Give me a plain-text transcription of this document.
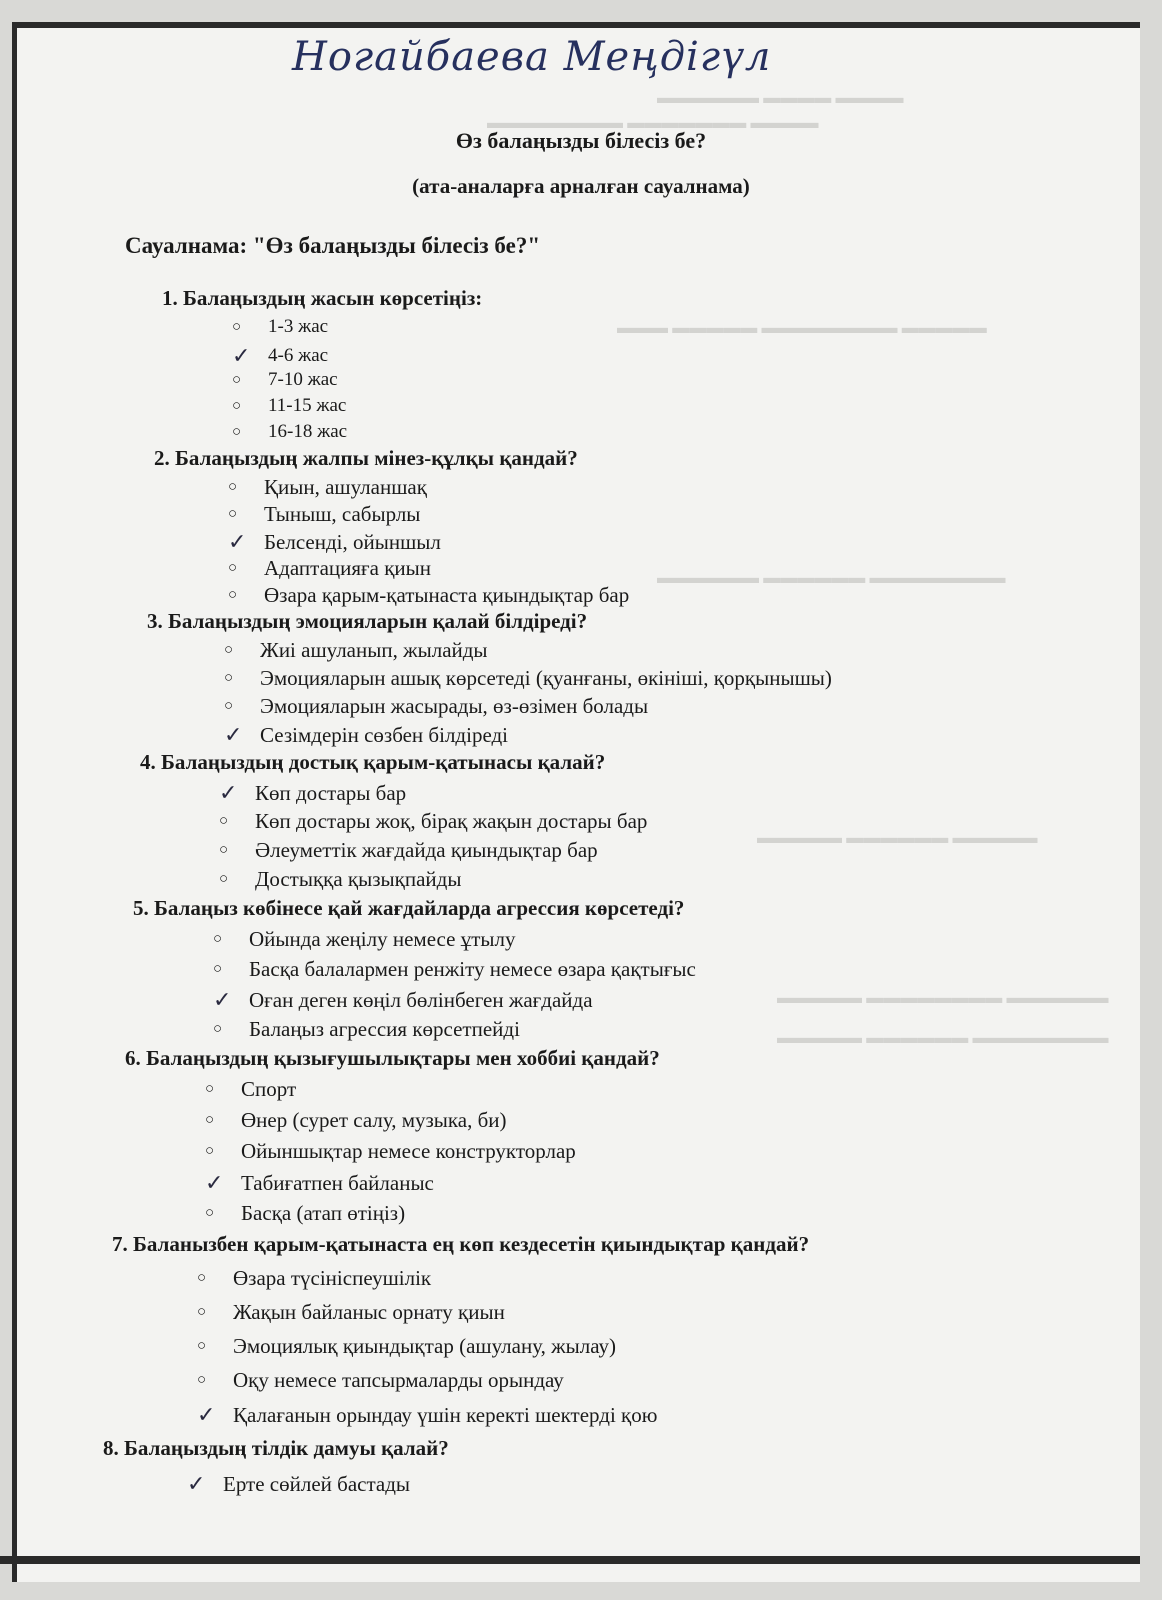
▬▬▬▬ ▬▬▬▬ ▬▬▬▬▬▬
▬▬▬▬ ▬▬▬▬▬▬▬ ▬▬▬▬▬▬▬▬
▬▬▬▬▬ ▬▬▬▬▬▬▬▬ ▬▬▬▬▬ ▬▬▬
▬▬▬▬▬▬▬▬ ▬▬▬▬▬▬ ▬▬▬▬▬▬
▬▬▬▬▬ ▬▬▬▬▬▬ ▬▬▬▬▬
▬▬▬▬▬▬ ▬▬▬▬▬▬▬▬ ▬▬▬▬▬
▬▬▬▬▬▬▬▬ ▬▬▬▬▬▬ ▬▬▬▬▬
Ногайбаева Меңдігүл
Өз балаңызды білесіз бе?
(ата-аналарға арналған сауалнама)
Сауалнама: "Өз балаңызды білесіз бе?"
1. Балаңыздың жасын көрсетіңіз:
○	1-3 жас
✓ 4-6 жас
○	7-10 жас
○	11-15 жас
○	16-18 жас
2. Балаңыздың жалпы мінез-құлқы қандай?
○	Қиын, ашуланшақ
○	Тыныш, сабырлы
✓ Белсенді, ойыншыл
○	Адаптацияға қиын
○	Өзара қарым-қатынаста қиындықтар бар
3. Балаңыздың эмоцияларын қалай білдіреді?
○	Жиі ашуланып, жылайды
○	Эмоцияларын ашық көрсетеді (қуанғаны, өкініші, қорқынышы)
○	Эмоцияларын жасырады, өз-өзімен болады
✓ Сезімдерін сөзбен білдіреді
4. Балаңыздың достық қарым-қатынасы қалай?
✓ Көп достары бар
○	Көп достары жоқ, бірақ жақын достары бар
○	Әлеуметтік жағдайда қиындықтар бар
○	Достыққа қызықпайды
5. Балаңыз көбінесе қай жағдайларда агрессия көрсетеді?
○	Ойында жеңілу немесе ұтылу
○	Басқа балалармен ренжіту немесе өзара қақтығыс
✓ Оған деген көңіл бөлінбеген жағдайда
○	Балаңыз агрессия көрсетпейді
6. Балаңыздың қызығушылықтары мен хоббиі қандай?
○	Спорт
○	Өнер (сурет салу, музыка, би)
○	Ойыншықтар немесе конструкторлар
✓ Табиғатпен байланыс
○	Басқа (атап өтіңіз)
7. Баланызбен қарым-қатынаста ең көп кездесетін қиындықтар қандай?
○	Өзара түсініспеушілік
○	Жақын байланыс орнату қиын
○	Эмоциялық қиындықтар (ашулану, жылау)
○	Оқу немесе тапсырмаларды орындау
✓ Қалағанын орындау үшін керекті шектерді қою
8. Балаңыздың тілдік дамуы қалай?
✓ Ерте сөйлей бастады
